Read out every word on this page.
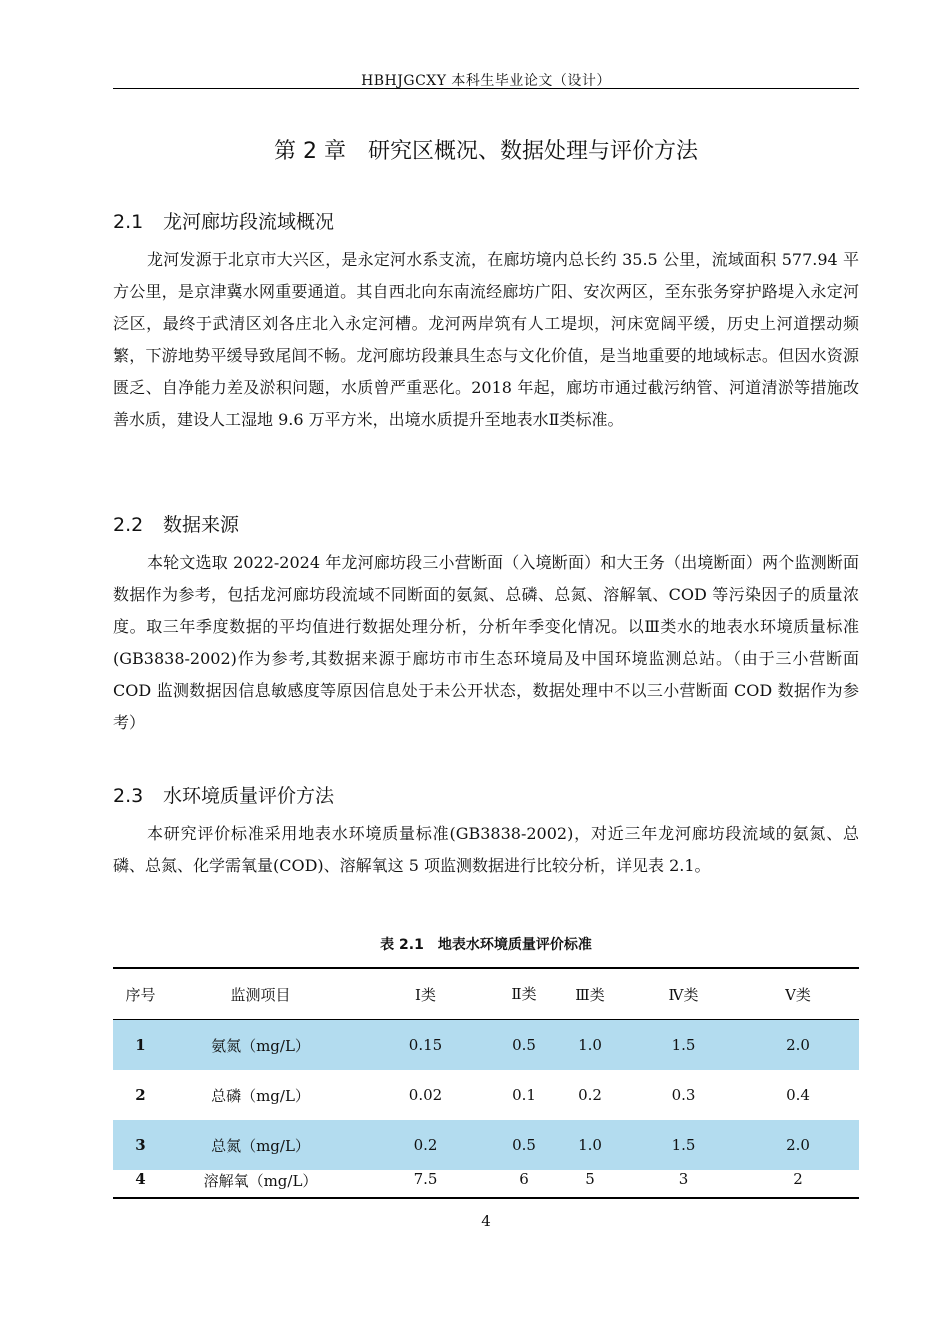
HBHJGCXY 本科生毕业论文（设计）
第 2 章　研究区概况、数据处理与评价方法
2.1 龙河廊坊段流域概况

龙河发源于北京市大兴区，是永定河水系支流，在廊坊境内总长约 35.5 公里，流域面积 577.94 平方公里，是京津冀水网重要通道。其自西北向东南流经廊坊广阳、安次两区，至东张务穿护路堤入永定河泛区，最终于武清区刘各庄北入永定河槽。龙河两岸筑有人工堤坝，河床宽阔平缓，历史上河道摆动频繁，下游地势平缓导致尾闾不畅。龙河廊坊段兼具生态与文化价值，是当地重要的地域标志。但因水资源匮乏、自净能力差及淤积问题，水质曾严重恶化。2018 年起，廊坊市通过截污纳管、河道清淤等措施改善水质，建设人工湿地 9.6 万平方米，出境水质提升至地表水Ⅱ类标准。

2.2 数据来源

本轮文选取 2022-2024 年龙河廊坊段三小营断面（入境断面）和大王务（出境断面）两个监测断面数据作为参考，包括龙河廊坊段流域不同断面的氨氮、总磷、总氮、溶解氧、COD 等污染因子的质量浓度。取三年季度数据的平均值进行数据处理分析，分析年季变化情况。以Ⅲ类水的地表水环境质量标准(GB3838-2002)作为参考,其数据来源于廊坊市市生态环境局及中国环境监测总站。（由于三小营断面 COD 监测数据因信息敏感度等原因信息处于未公开状态，数据处理中不以三小营断面 COD 数据作为参考）

2.3 水环境质量评价方法

本研究评价标准采用地表水环境质量标准(GB3838-2002)，对近三年龙河廊坊段流域的氨氮、总磷、总氮、化学需氧量(COD)、溶解氧这 5 项监测数据进行比较分析，详见表 2.1。

表 2.1　地表水环境质量评价标准
序号	监测项目	Ⅰ类	Ⅱ类	Ⅲ类	Ⅳ类	Ⅴ类
1	氨氮（mg/L）	0.15	0.5	1.0	1.5	2.0
2	总磷（mg/L）	0.02	0.1	0.2	0.3	0.4
3	总氮（mg/L）	0.2	0.5	1.0	1.5	2.0
4	溶解氧（mg/L）	7.5	6	5	3	2
4
